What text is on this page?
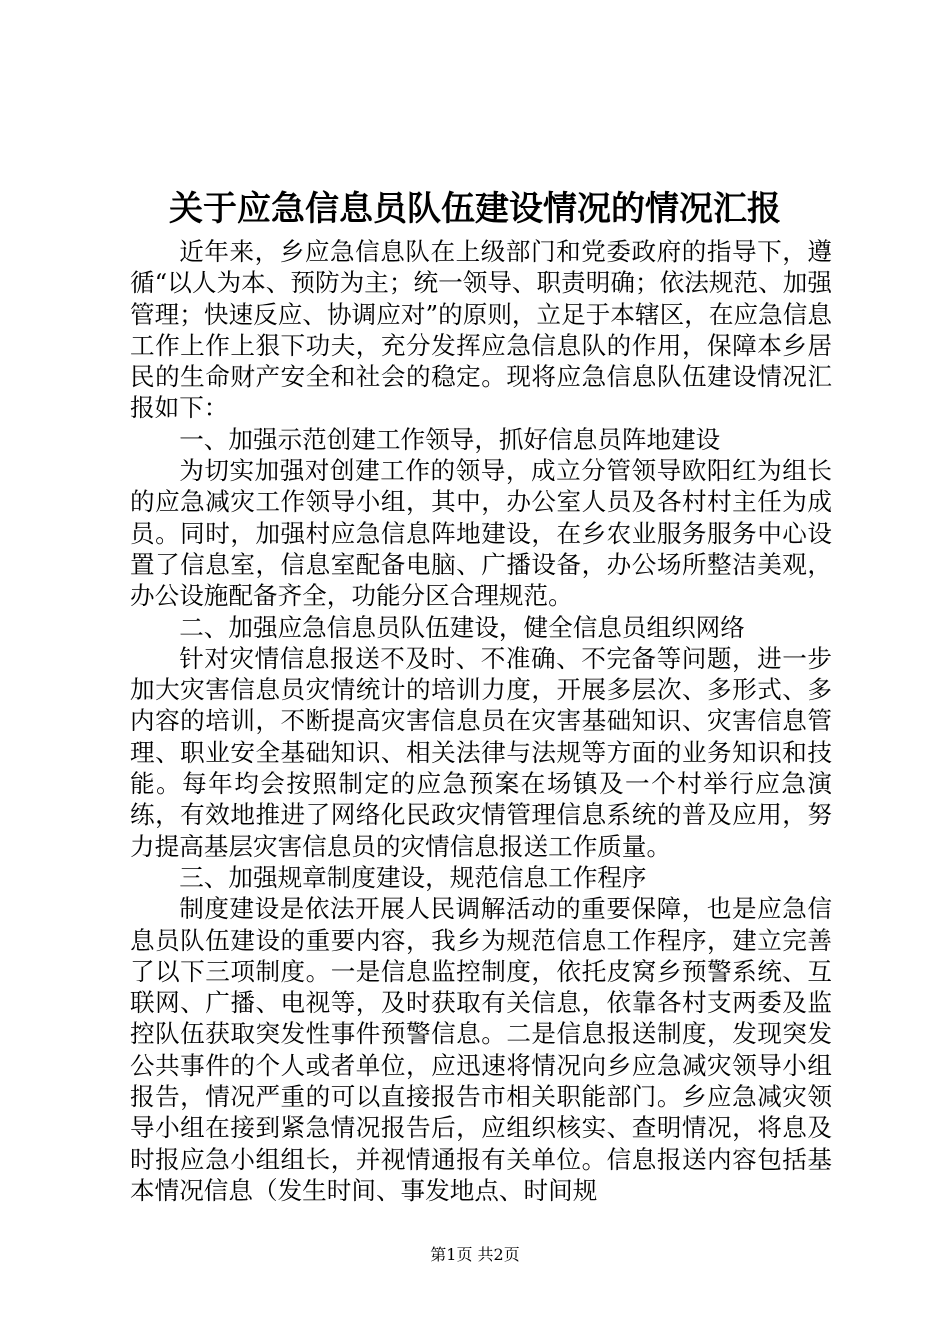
关于应急信息员队伍建设情况的情况汇报

近年来，乡应急信息队在上级部门和党委政府的指导下，遵循“以人为本、预防为主；统一领导、职责明确；依法规范、加强管理；快速反应、协调应对”的原则，立足于本辖区，在应急信息工作上作上狠下功夫，充分发挥应急信息队的作用，保障本乡居民的生命财产安全和社会的稳定。现将应急信息队伍建设情况汇报如下：

一、加强示范创建工作领导，抓好信息员阵地建设

为切实加强对创建工作的领导，成立分管领导欧阳红为组长的应急减灾工作领导小组，其中，办公室人员及各村村主任为成员。同时，加强村应急信息阵地建设，在乡农业服务服务中心设置了信息室，信息室配备电脑、广播设备，办公场所整洁美观，办公设施配备齐全，功能分区合理规范。

二、加强应急信息员队伍建设，健全信息员组织网络

针对灾情信息报送不及时、不准确、不完备等问题，进一步加大灾害信息员灾情统计的培训力度，开展多层次、多形式、多内容的培训，不断提高灾害信息员在灾害基础知识、灾害信息管理、职业安全基础知识、相关法律与法规等方面的业务知识和技能。每年均会按照制定的应急预案在场镇及一个村举行应急演练，有效地推进了网络化民政灾情管理信息系统的普及应用，努力提高基层灾害信息员的灾情信息报送工作质量。

三、加强规章制度建设，规范信息工作程序

制度建设是依法开展人民调解活动的重要保障，也是应急信息员队伍建设的重要内容，我乡为规范信息工作程序，建立完善了以下三项制度。一是信息监控制度，依托皮窝乡预警系统、互联网、广播、电视等，及时获取有关信息，依靠各村支两委及监控队伍获取突发性事件预警信息。二是信息报送制度，发现突发公共事件的个人或者单位，应迅速将情况向乡应急减灾领导小组报告，情况严重的可以直接报告市相关职能部门。乡应急减灾领导小组在接到紧急情况报告后，应组织核实、查明情况，将息及时报应急小组组长，并视情通报有关单位。信息报送内容包括基本情况信息（发生时间、事发地点、时间规

第1页 共2页
